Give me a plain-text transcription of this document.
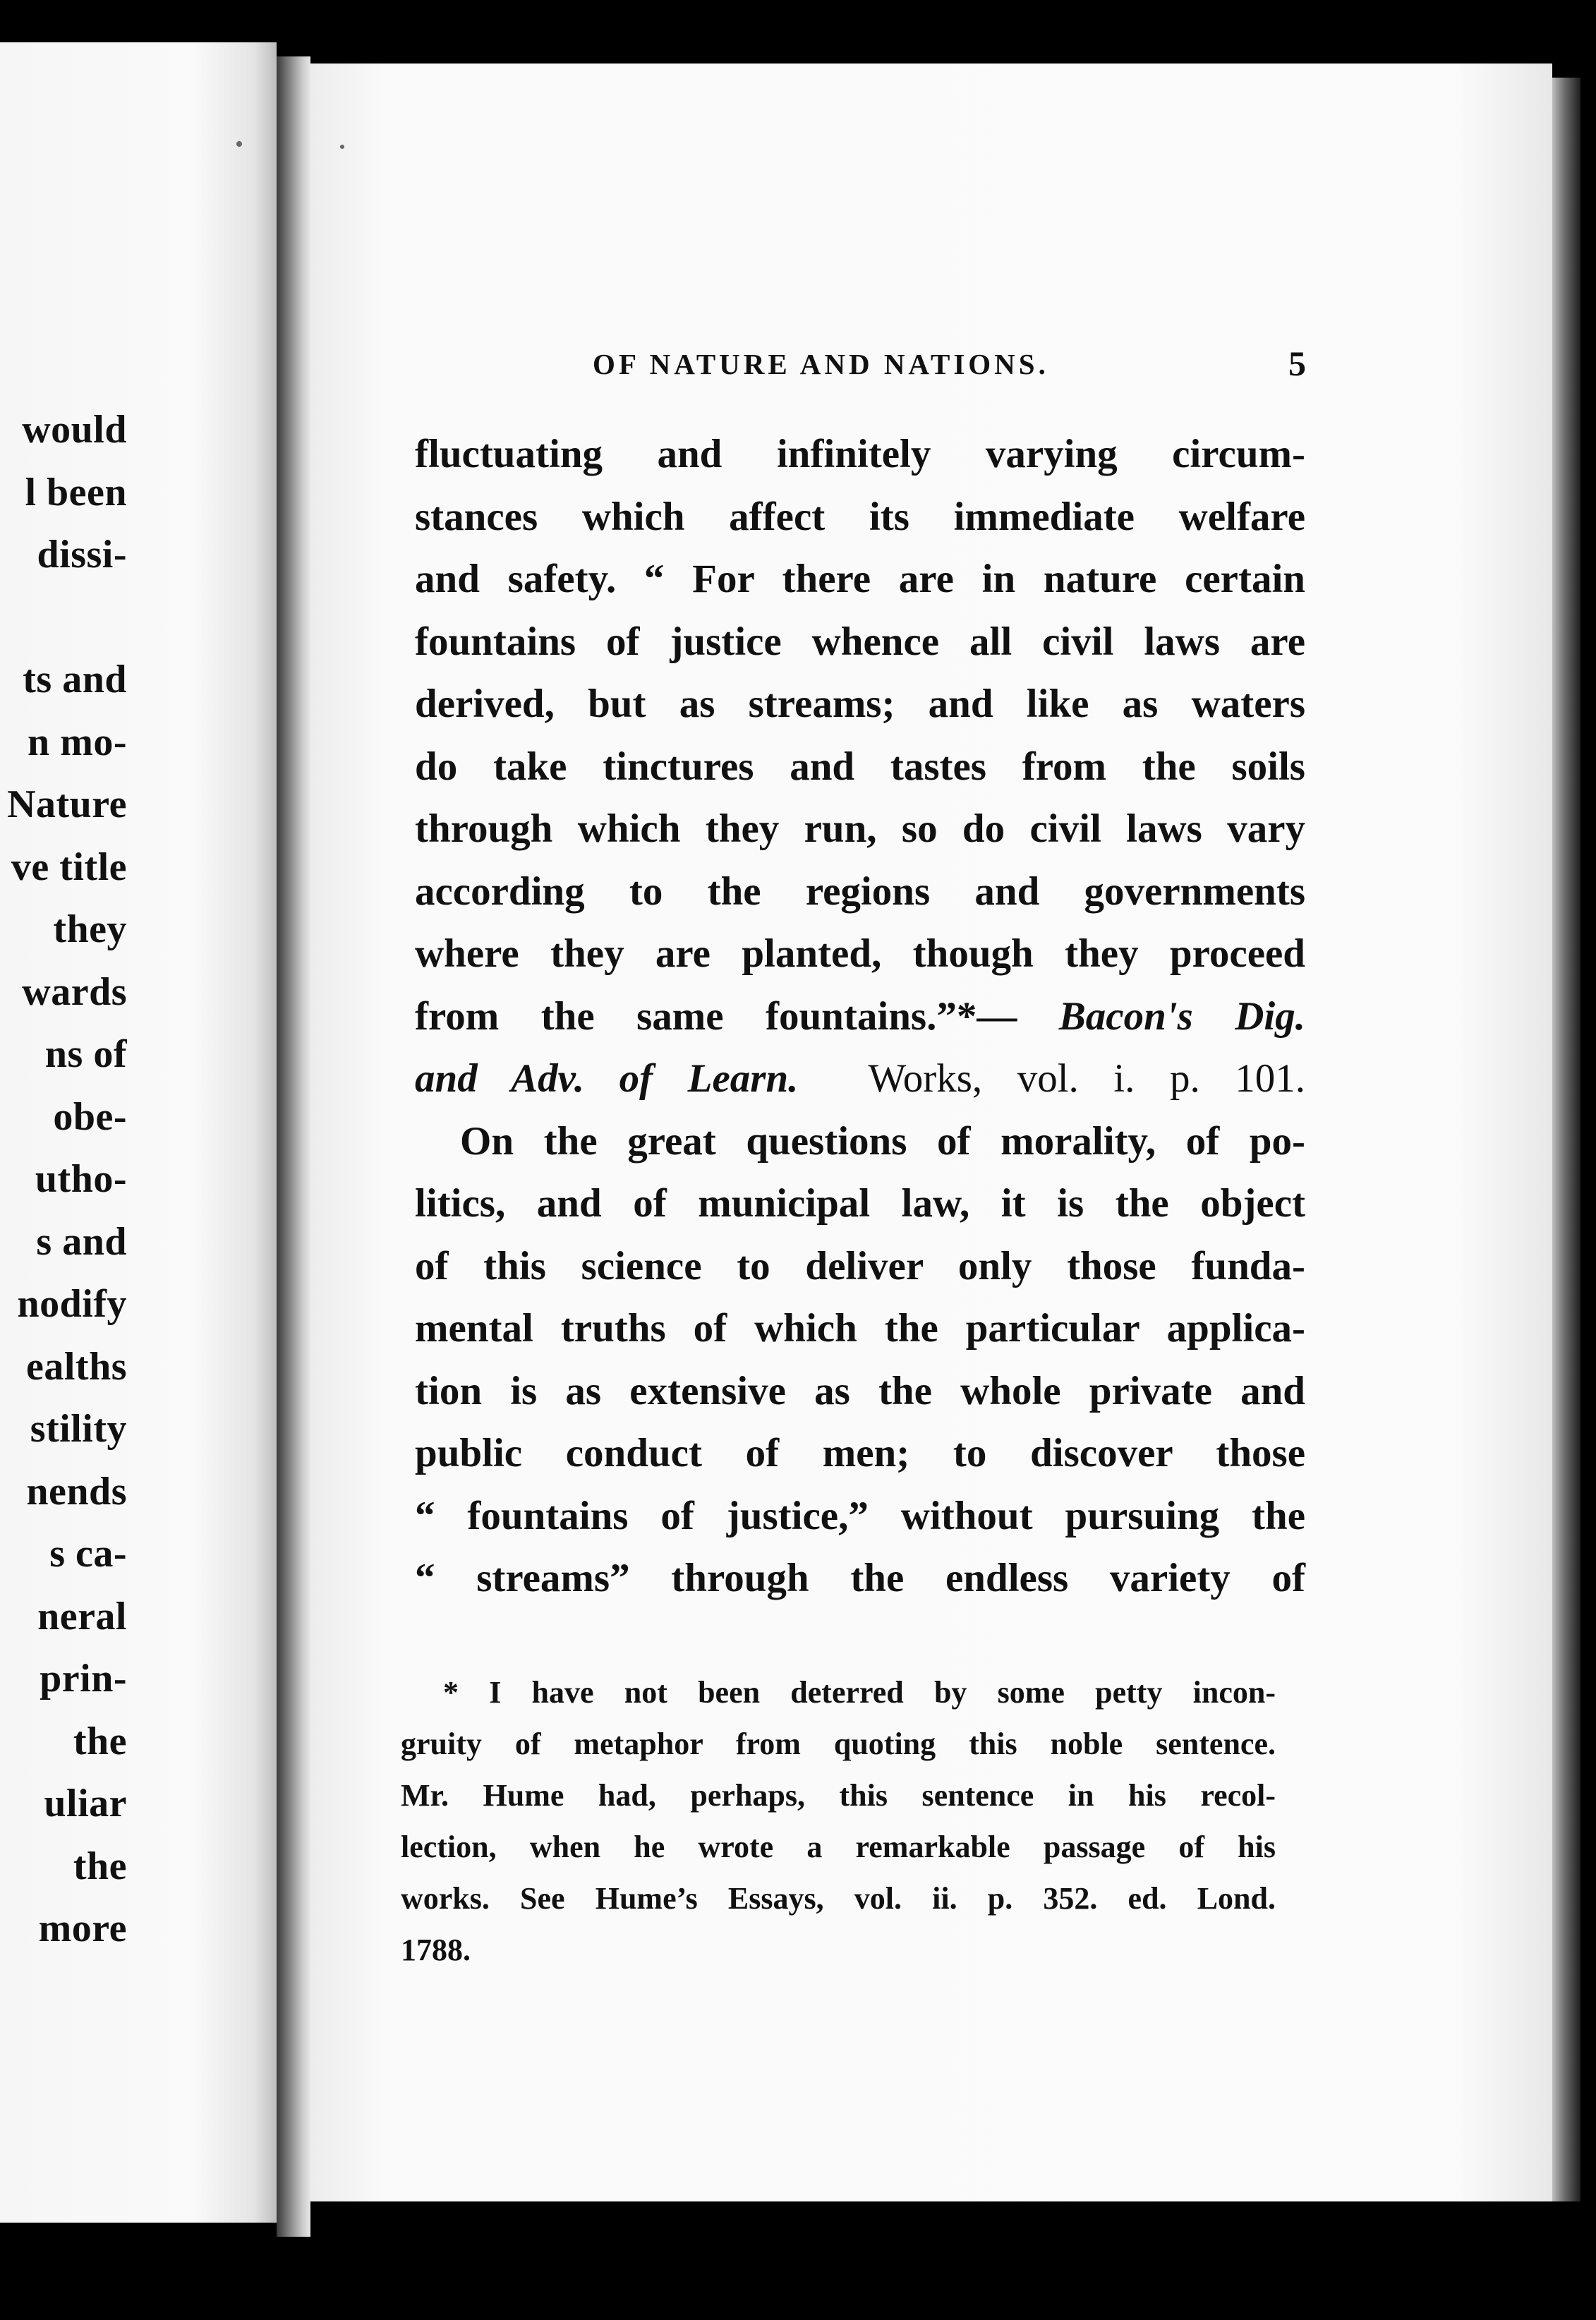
would
l been
dissi-
ts and
n mo-
Nature
ve title
they
wards
ns of
obe-
utho-
s and
nodify
ealths
stility
nends
s ca-
neral
prin-
the
uliar
the
more
OF NATURE AND NATIONS.	5
fluctuating and infinitely varying circum-
stances which affect its immediate welfare
and safety. “ For there are in nature certain
fountains of justice whence all civil laws are
derived, but as streams; and like as waters
do take tinctures and tastes from the soils
through which they run, so do civil laws vary
according to the regions and governments
where they are planted, though they proceed
from the same fountains.”*— Bacon's Dig.
and Adv. of Learn. Works, vol. i. p. 101.
On the great questions of morality, of po-
litics, and of municipal law, it is the object
of this science to deliver only those funda-
mental truths of which the particular applica-
tion is as extensive as the whole private and
public conduct of men; to discover those
“ fountains of justice,” without pursuing the
“ streams” through the endless variety of
* I have not been deterred by some petty incon-
gruity of metaphor from quoting this noble sentence.
Mr. Hume had, perhaps, this sentence in his recol-
lection, when he wrote a remarkable passage of his
works. See Hume’s Essays, vol. ii. p. 352. ed. Lond.
1788.
